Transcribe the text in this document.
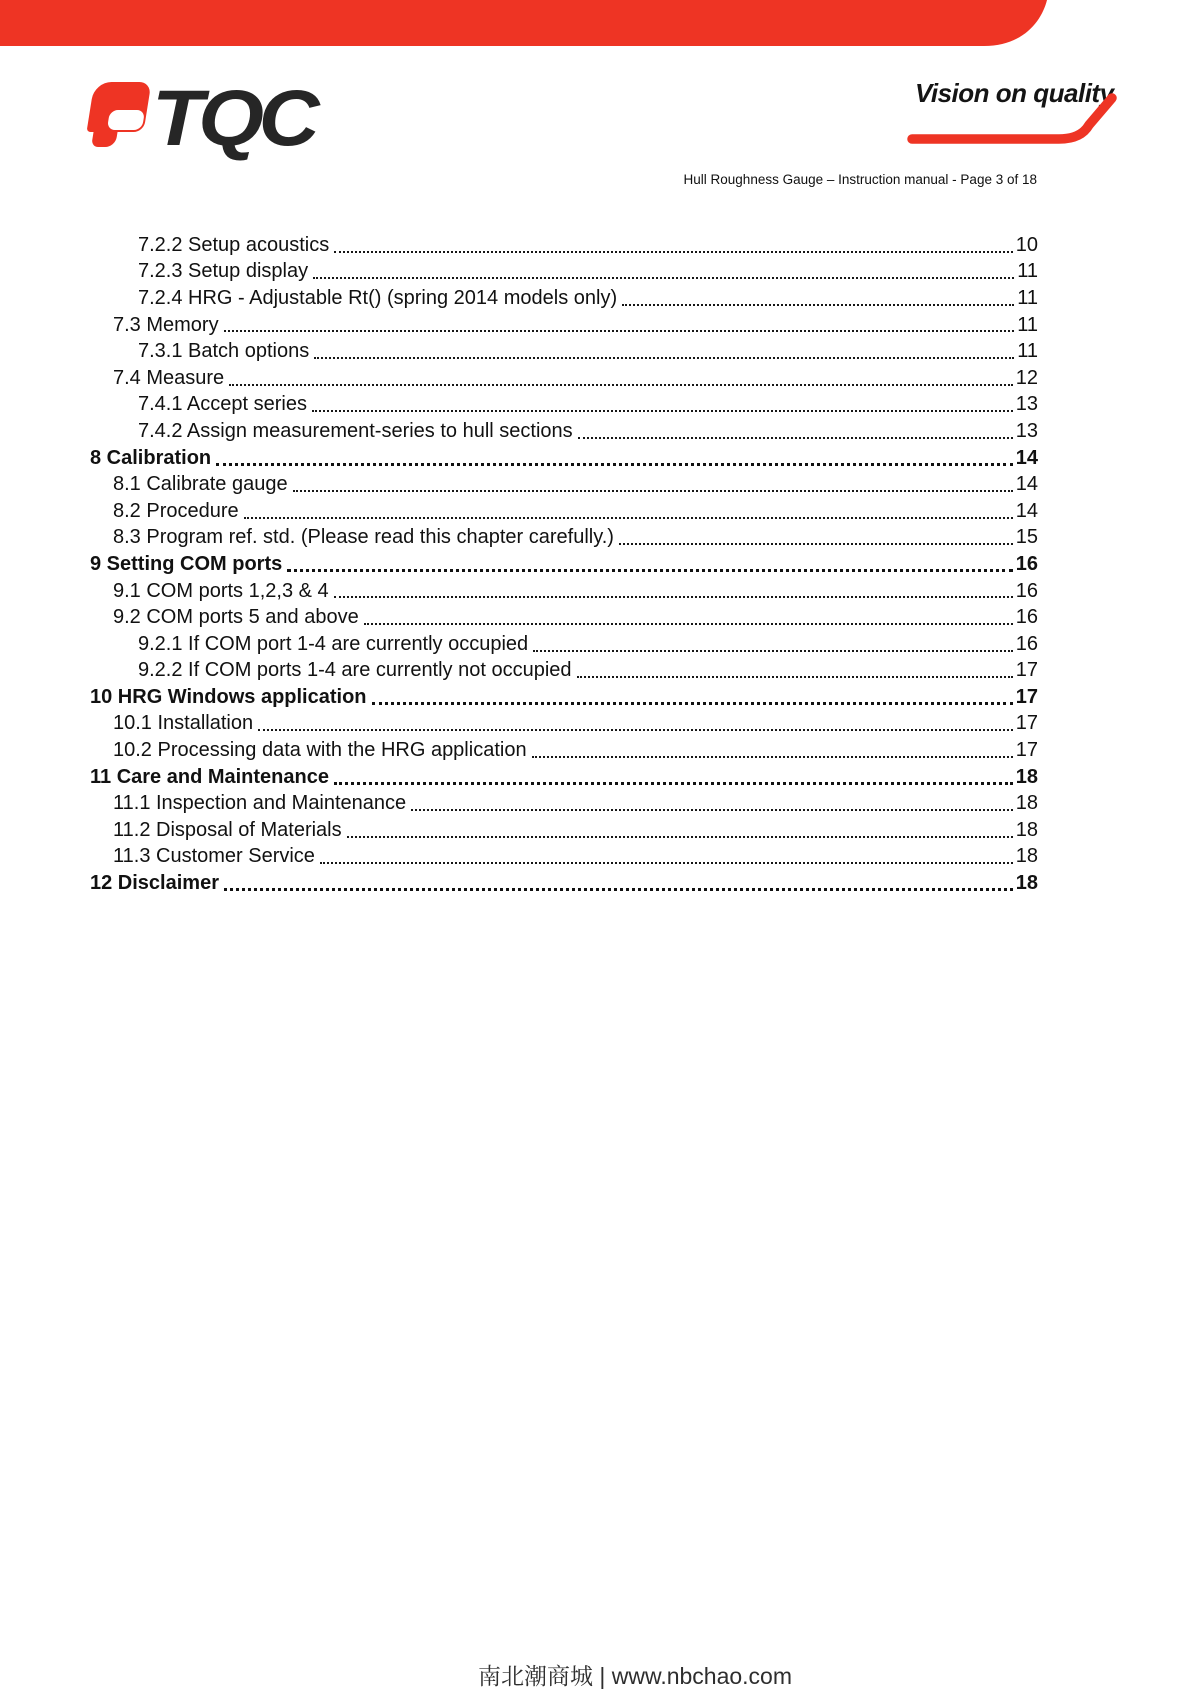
TQC	Vision on quality
Hull Roughness Gauge – Instruction manual - Page 3 of 18
7.2.2 Setup acoustics	10
7.2.3 Setup display	11
7.2.4 HRG - Adjustable Rt() (spring 2014 models only)	11
7.3 Memory	11
7.3.1 Batch options	11
7.4 Measure	12
7.4.1 Accept series	13
7.4.2 Assign measurement-series to hull sections	13
8 Calibration	14
8.1 Calibrate gauge	14
8.2 Procedure	14
8.3 Program ref. std. (Please read this chapter carefully.)	15
9 Setting COM ports	16
9.1 COM ports 1,2,3 & 4	16
9.2 COM ports 5 and above	16
9.2.1 If COM port 1-4 are currently occupied	16
9.2.2 If COM ports 1-4 are currently not occupied	17
10 HRG Windows application	17
10.1 Installation	17
10.2 Processing data with the HRG application	17
11 Care and Maintenance	18
11.1 Inspection and Maintenance	18
11.2 Disposal of Materials	18
11.3 Customer Service	18
12 Disclaimer	18
南北潮商城 | www.nbchao.com
